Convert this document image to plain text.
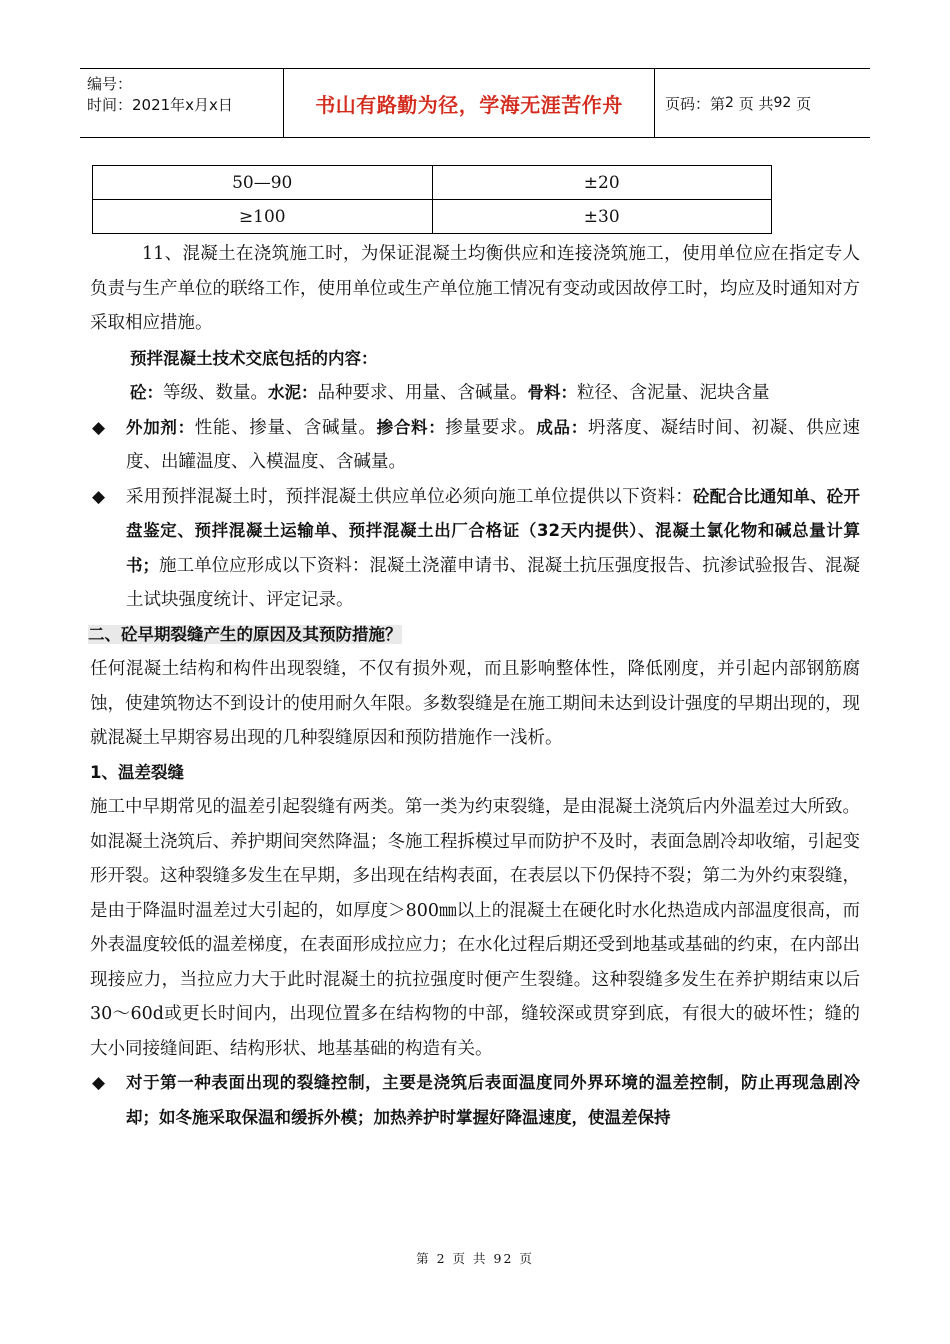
编号：
时间：2021年x月x日	书山有路勤为径，学海无涯苦作舟	页码：第 2
页 共 92
页
50—90	±20
≥100	±30

11、混凝土在浇筑施工时，为保证混凝土均衡供应和连接浇筑施工，使用单位应在指定专人负责与生产单位的联络工作，使用单位或生产单位施工情况有变动或因故停工时，均应及时通知对方采取相应措施。

预拌混凝土技术交底包括的内容：

砼：等级、数量。水泥：品种要求、用量、含碱量。骨料：粒径、含泥量、泥块含量

◆ 外加剂：性能、掺量、含碱量。掺合料：掺量要求。成品：坍落度、凝结时间、初凝、供应速度、出罐温度、入模温度、含碱量。

◆ 采用预拌混凝土时，预拌混凝土供应单位必须向施工单位提供以下资料：砼配合比通知单、砼开盘鉴定、预拌混凝土运输单、预拌混凝土出厂合格证（32天内提供）、混凝土氯化物和碱总量计算书；施工单位应形成以下资料：混凝土浇灌申请书、混凝土抗压强度报告、抗渗试验报告、混凝土试块强度统计、评定记录。

二、砼早期裂缝产生的原因及其预防措施？

任何混凝土结构和构件出现裂缝，不仅有损外观，而且影响整体性，降低刚度，并引起内部钢筋腐蚀，使建筑物达不到设计的使用耐久年限。多数裂缝是在施工期间未达到设计强度的早期出现的，现就混凝土早期容易出现的几种裂缝原因和预防措施作一浅析。

1、温差裂缝

施工中早期常见的温差引起裂缝有两类。第一类为约束裂缝，是由混凝土浇筑后内外温差过大所致。如混凝土浇筑后、养护期间突然降温；冬施工程拆模过早而防护不及时，表面急剧冷却收缩，引起变形开裂。这种裂缝多发生在早期，多出现在结构表面，在表层以下仍保持不裂；第二为外约束裂缝，是由于降温时温差过大引起的，如厚度＞800㎜以上的混凝土在硬化时水化热造成内部温度很高，而外表温度较低的温差梯度，在表面形成拉应力；在水化过程后期还受到地基或基础的约束，在内部出现接应力，当拉应力大于此时混凝土的抗拉强度时便产生裂缝。这种裂缝多发生在养护期结束以后30～60d或更长时间内，出现位置多在结构物的中部，缝较深或贯穿到底，有很大的破坏性；缝的大小同接缝间距、结构形状、地基基础的构造有关。

◆ 对于第一种表面出现的裂缝控制，主要是浇筑后表面温度同外界环境的温差控制，防止再现急剧冷却；如冬施采取保温和缓拆外模；加热养护时掌握好降温速度，使温差保持

第 2 页 共 92 页
